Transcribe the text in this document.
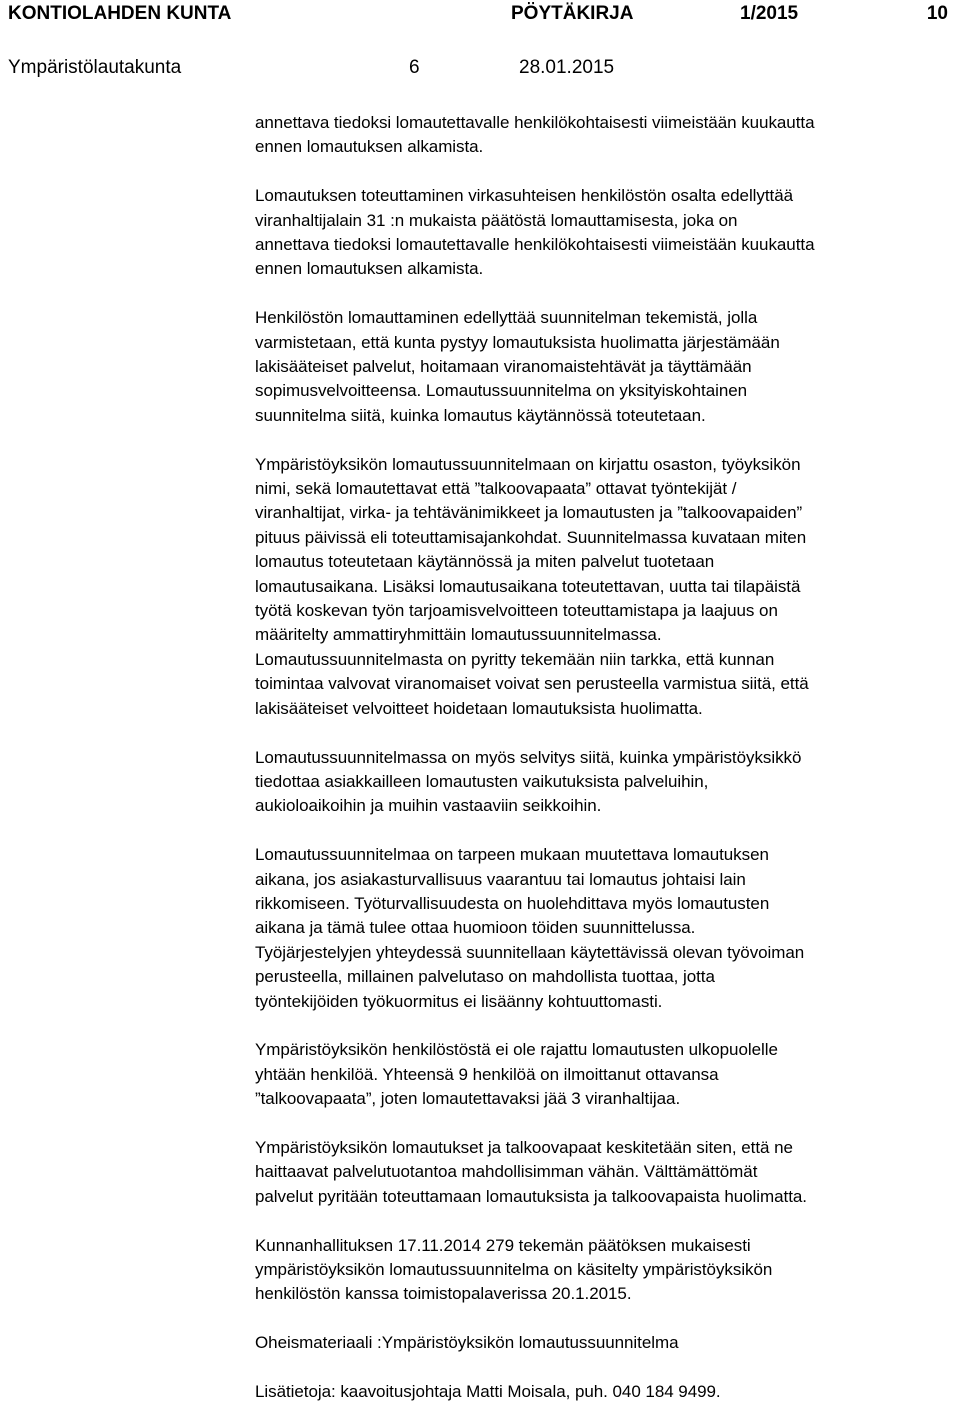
KONTIOLAHDEN KUNTA	PÖYTÄKIRJA	1/2015	10
Ympäristölautakunta	6	28.01.2015

annettava tiedoksi lomautettavalle henkilökohtaisesti viimeistään kuukautta
ennen lomautuksen alkamista.

Lomautuksen toteuttaminen virkasuhteisen henkilöstön osalta edellyttää
viranhaltijalain 31 :n mukaista päätöstä lomauttamisesta, joka on
annettava tiedoksi lomautettavalle henkilökohtaisesti viimeistään kuukautta
ennen lomautuksen alkamista.

Henkilöstön lomauttaminen edellyttää suunnitelman tekemistä, jolla
varmistetaan, että kunta pystyy lomautuksista huolimatta järjestämään
lakisääteiset palvelut, hoitamaan viranomaistehtävät ja täyttämään
sopimusvelvoitteensa. Lomautussuunnitelma on yksityiskohtainen
suunnitelma siitä, kuinka lomautus käytännössä toteutetaan.

Ympäristöyksikön lomautussuunnitelmaan on kirjattu osaston, työyksikön
nimi, sekä lomautettavat että ”talkoovapaata” ottavat työntekijät /
viranhaltijat, virka- ja tehtävänimikkeet ja lomautusten ja ”talkoovapaiden”
pituus päivissä eli toteuttamisajankohdat. Suunnitelmassa kuvataan miten
lomautus toteutetaan käytännössä ja miten palvelut tuotetaan
lomautusaikana. Lisäksi lomautusaikana toteutettavan, uutta tai tilapäistä
työtä koskevan työn tarjoamisvelvoitteen toteuttamistapa ja laajuus on
määritelty ammattiryhmittäin lomautussuunnitelmassa.
Lomautussuunnitelmasta on pyritty tekemään niin tarkka, että kunnan
toimintaa valvovat viranomaiset voivat sen perusteella varmistua siitä, että
lakisääteiset velvoitteet hoidetaan lomautuksista huolimatta.

Lomautussuunnitelmassa on myös selvitys siitä, kuinka ympäristöyksikkö
tiedottaa asiakkailleen lomautusten vaikutuksista palveluihin,
aukioloaikoihin ja muihin vastaaviin seikkoihin.

Lomautussuunnitelmaa on tarpeen mukaan muutettava lomautuksen
aikana, jos asiakasturvallisuus vaarantuu tai lomautus johtaisi lain
rikkomiseen. Työturvallisuudesta on huolehdittava myös lomautusten
aikana ja tämä tulee ottaa huomioon töiden suunnittelussa.
Työjärjestelyjen yhteydessä suunnitellaan käytettävissä olevan työvoiman
perusteella, millainen palvelutaso on mahdollista tuottaa, jotta
työntekijöiden työkuormitus ei lisäänny kohtuuttomasti.

Ympäristöyksikön henkilöstöstä ei ole rajattu lomautusten ulkopuolelle
yhtään henkilöä. Yhteensä 9 henkilöä on ilmoittanut ottavansa
”talkoovapaata”, joten lomautettavaksi jää 3 viranhaltijaa.

Ympäristöyksikön lomautukset ja talkoovapaat keskitetään siten, että ne
haittaavat palvelutuotantoa mahdollisimman vähän. Välttämättömät
palvelut pyritään toteuttamaan lomautuksista ja talkoovapaista huolimatta.

Kunnanhallituksen 17.11.2014 279 tekemän päätöksen mukaisesti
ympäristöyksikön lomautussuunnitelma on käsitelty ympäristöyksikön
henkilöstön kanssa toimistopalaverissa 20.1.2015.

Oheismateriaali :Ympäristöyksikön lomautussuunnitelma

Lisätietoja: kaavoitusjohtaja Matti Moisala, puh. 040 184 9499.
